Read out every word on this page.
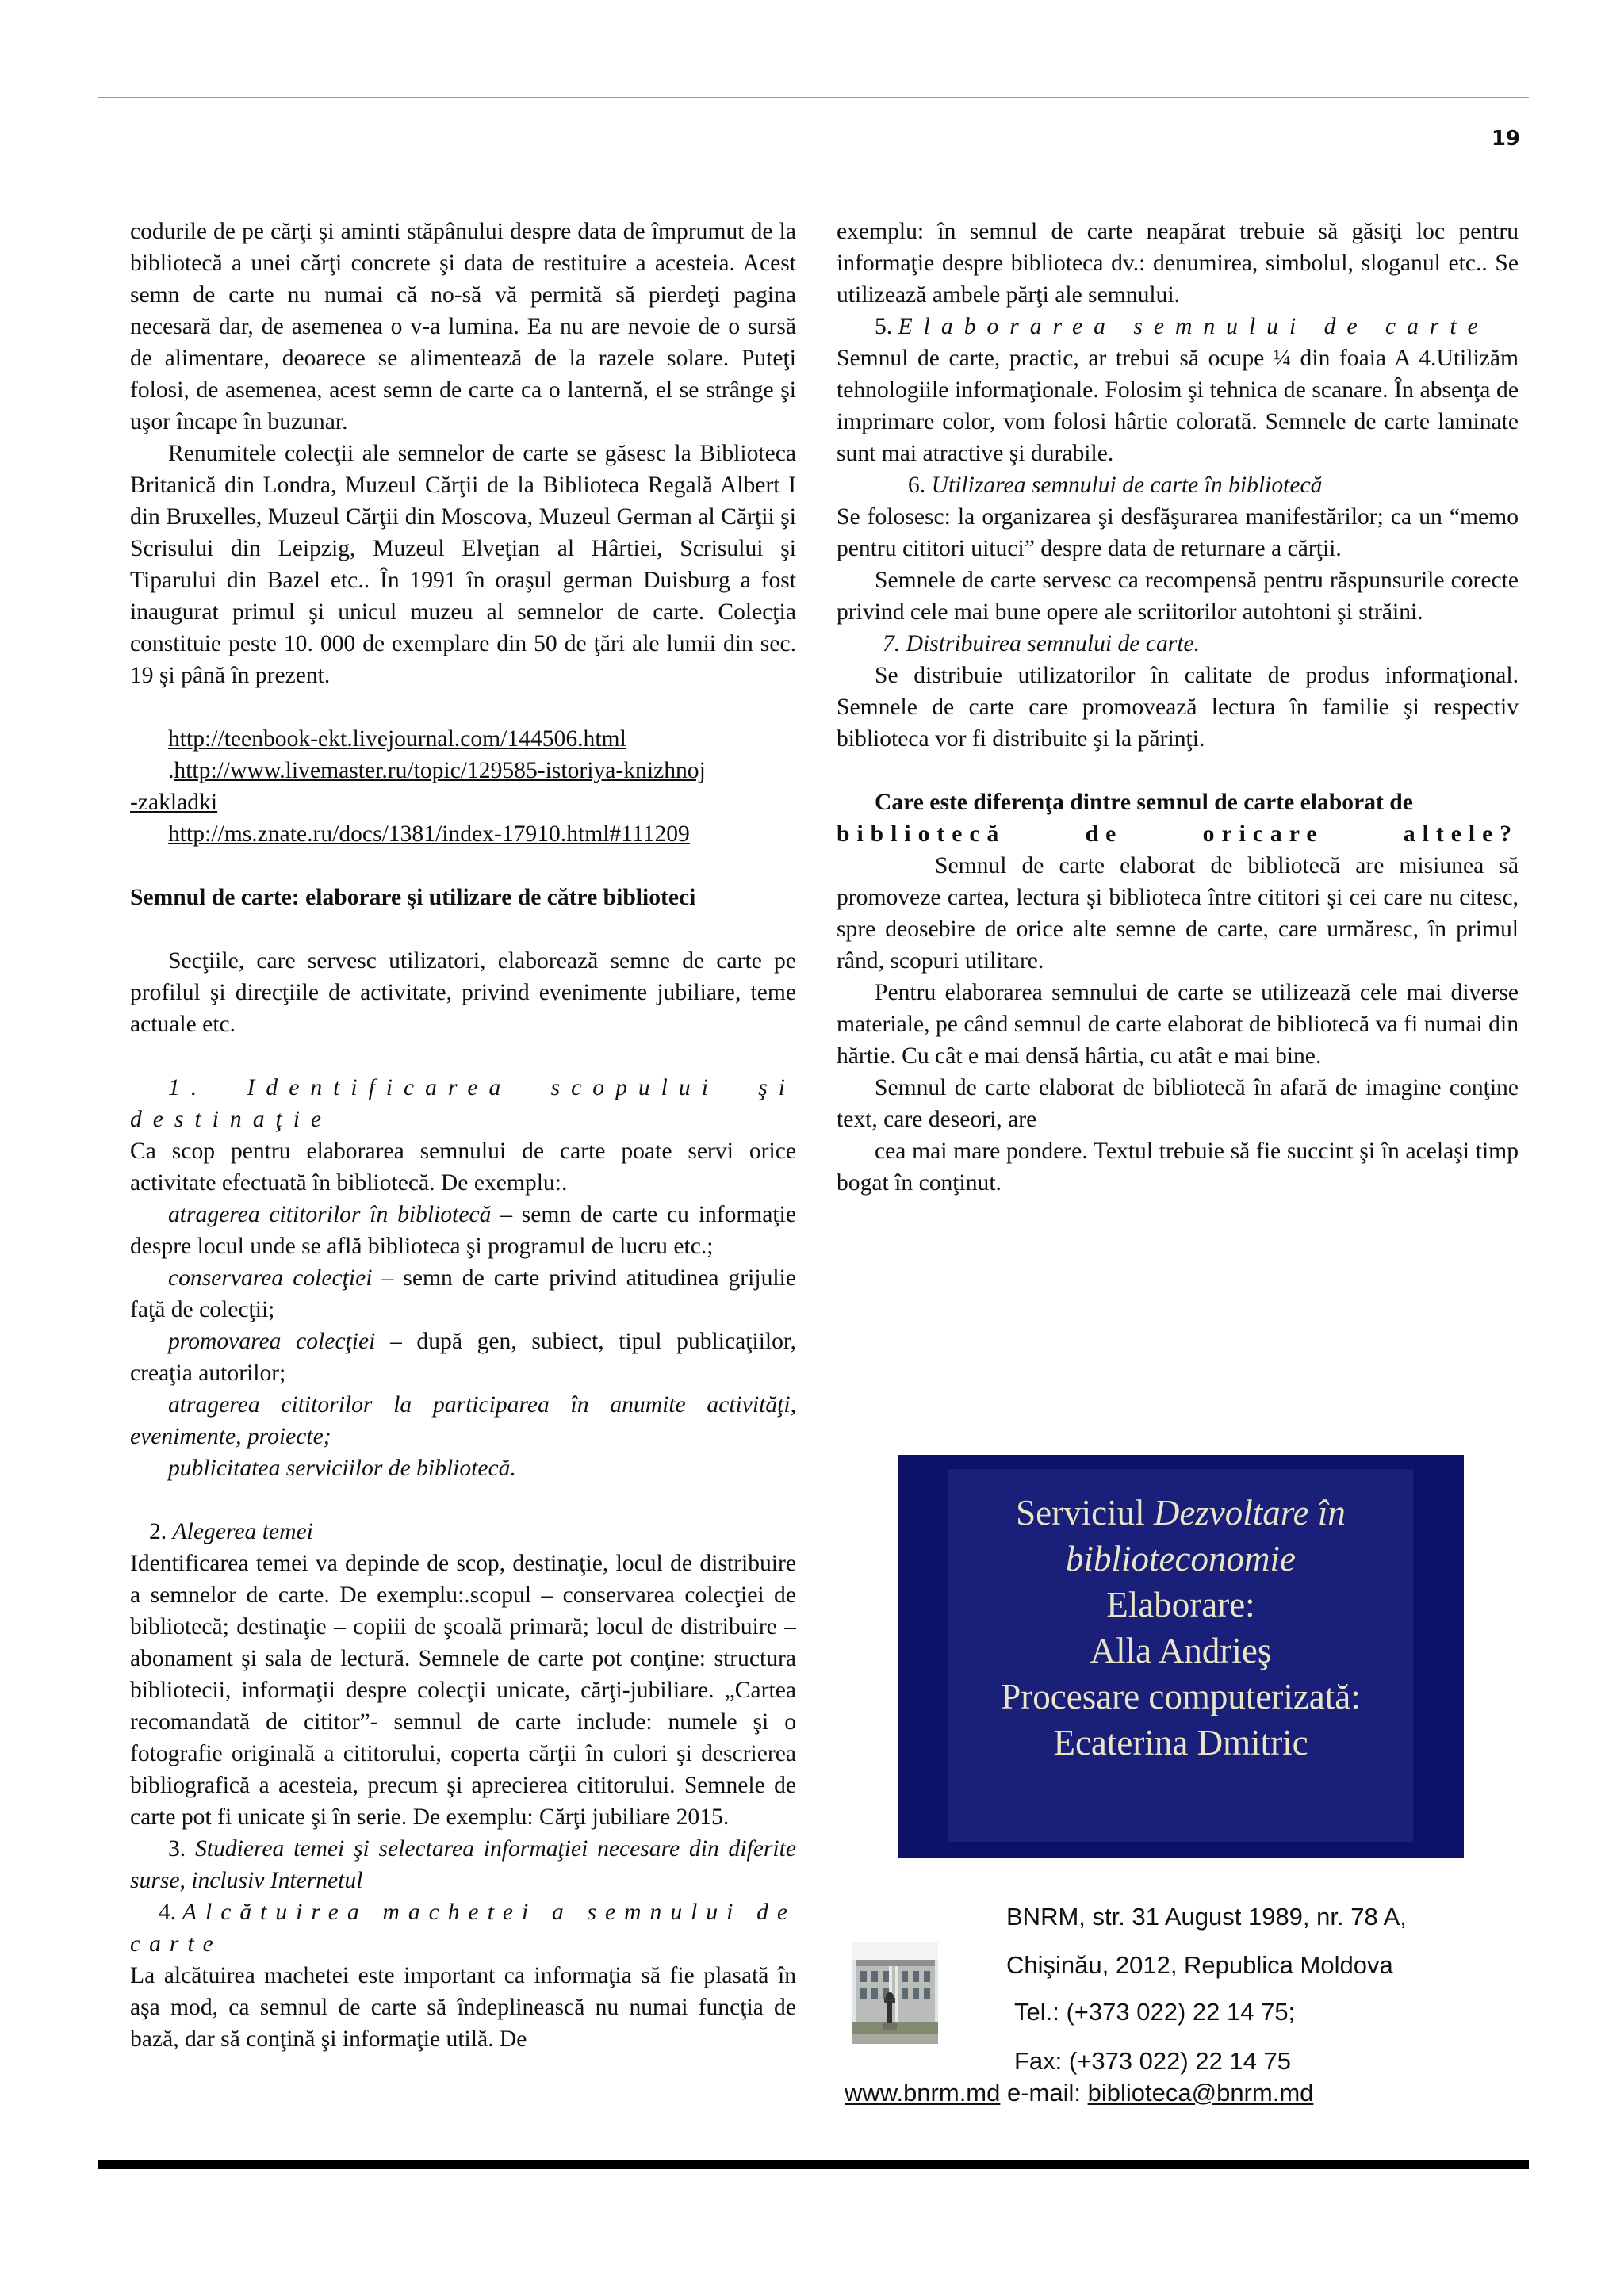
19

codurile de pe cărţi şi aminti stăpânului despre data de împrumut de la bibliotecă a unei cărţi concrete şi data de restituire a acesteia. Acest semn de carte nu numai că no-să vă permită să pierdeţi pagina necesară dar, de asemenea o v-a lumina. Ea nu are nevoie de o sursă de alimentare, deoarece se alimentează de la razele solare. Puteţi folosi, de asemenea, acest semn de carte ca o lanternă, el se strânge şi uşor încape în buzunar.

Renumitele colecţii ale semnelor de carte se găsesc la Biblioteca Britanică din Londra, Muzeul Cărţii de la Biblioteca Regală Albert I din Bruxelles, Muzeul Cărţii din Moscova, Muzeul German al Cărţii şi Scrisului din Leipzig, Muzeul Elveţian al Hârtiei, Scrisului şi Tiparului din Bazel etc.. În 1991 în oraşul german Duisburg a fost inaugurat primul şi unicul muzeu al semnelor de carte. Colecţia constituie peste 10. 000 de exemplare din 50 de ţări ale lumii din sec. 19 şi până în prezent.

http://teenbook-ekt.livejournal.com/144506.html

.http://www.livemaster.ru/topic/129585-istoriya-knizhnoj

-zakladki

http://ms.znate.ru/docs/1381/index-17910.html#111209

Semnul de carte: elaborare şi utilizare de către biblioteci

Secţiile, care servesc utilizatori, elaborează semne de carte pe profilul şi direcţiile de activitate, privind evenimente jubiliare, teme actuale etc.

1. Identificarea scopului şi destinaţie

Ca scop pentru elaborarea semnului de carte poate servi orice activitate efectuată în bibliotecă. De exemplu:.

atragerea cititorilor în bibliotecă – semn de carte cu informaţie despre locul unde se află biblioteca şi programul de lucru etc.;

conservarea colecţiei – semn de carte privind atitudinea grijulie faţă de colecţii;

promovarea colecţiei – după gen, subiect, tipul publicaţiilor, creaţia autorilor;

atragerea cititorilor la participarea în anumite activităţi, evenimente, proiecte;

publicitatea serviciilor de bibliotecă.

2. Alegerea temei

Identificarea temei va depinde de scop, destinaţie, locul de distribuire a semnelor de carte. De exemplu:.scopul – conservarea colecţiei de bibliotecă; destinaţie – copiii de şcoală primară; locul de distribuire – abonament şi sala de lectură. Semnele de carte pot conţine: structura bibliotecii, informaţii despre colecţii unicate, cărţi-jubiliare. „Cartea recomandată de cititor”- semnul de carte include: numele şi o fotografie originală a cititorului, coperta cărţii în culori şi descrierea bibliografică a acesteia, precum şi aprecierea cititorului. Semnele de carte pot fi unicate şi în serie. De exemplu: Cărţi jubiliare 2015.

3. Studierea temei şi selectarea informaţiei necesare din diferite surse, inclusiv Internetul

4. Alcătuirea machetei a semnului de carte

La alcătuirea machetei este important ca informaţia să fie plasată în aşa mod, ca semnul de carte să îndeplinească nu numai funcţia de bază, dar să conţină şi informaţie utilă. De

exemplu: în semnul de carte neapărat trebuie să găsiţi loc pentru informaţie despre biblioteca dv.: denumirea, simbolul, sloganul etc.. Se utilizează ambele părţi ale semnului.

5. Elaborarea semnului de carte

Semnul de carte, practic, ar trebui să ocupe ¼ din foaia A 4.Utilizăm tehnologiile informaţionale. Folosim şi tehnica de scanare. În absenţa de imprimare color, vom folosi hârtie colorată. Semnele de carte laminate sunt mai atractive şi durabile.

6. Utilizarea semnului de carte în bibliotecă

Se folosesc: la organizarea şi desfăşurarea manifestărilor; ca un “memo pentru cititori uituci” despre data de returnare a cărţii.

Semnele de carte servesc ca recompensă pentru răspunsurile corecte privind cele mai bune opere ale scriitorilor autohtoni şi străini.

7. Distribuirea semnului de carte.

Se distribuie utilizatorilor în calitate de produs informaţional. Semnele de carte care promovează lectura în familie şi respectiv biblioteca vor fi distribuite şi la părinţi.

Care este diferenţa dintre semnul de carte elaborat de

bibliotecă de oricare altele?

Semnul de carte elaborat de bibliotecă are misiunea să promoveze cartea, lectura şi biblioteca între cititori şi cei care nu citesc, spre deosebire de orice alte semne de carte, care urmăresc, în primul rând, scopuri utilitare.

Pentru elaborarea semnului de carte se utilizează cele mai diverse materiale, pe când semnul de carte elaborat de bibliotecă va fi numai din hărtie. Cu cât e mai densă hârtia, cu atât e mai bine.

Semnul de carte elaborat de bibliotecă în afară de imagine conţine text, care deseori, are

cea mai mare pondere. Textul trebuie să fie succint şi în acelaşi timp bogat în conţinut.

Serviciul Dezvoltare în
biblioteconomie
Elaborare:
Alla Andrieş
Procesare computerizată:
Ecaterina Dmitric
BNRM, str. 31 August 1989, nr. 78 A,
Chişinău, 2012, Republica Moldova
Tel.: (+373 022) 22 14 75;
Fax: (+373 022) 22 14 75
www.bnrm.md e-mail: biblioteca@bnrm.md
